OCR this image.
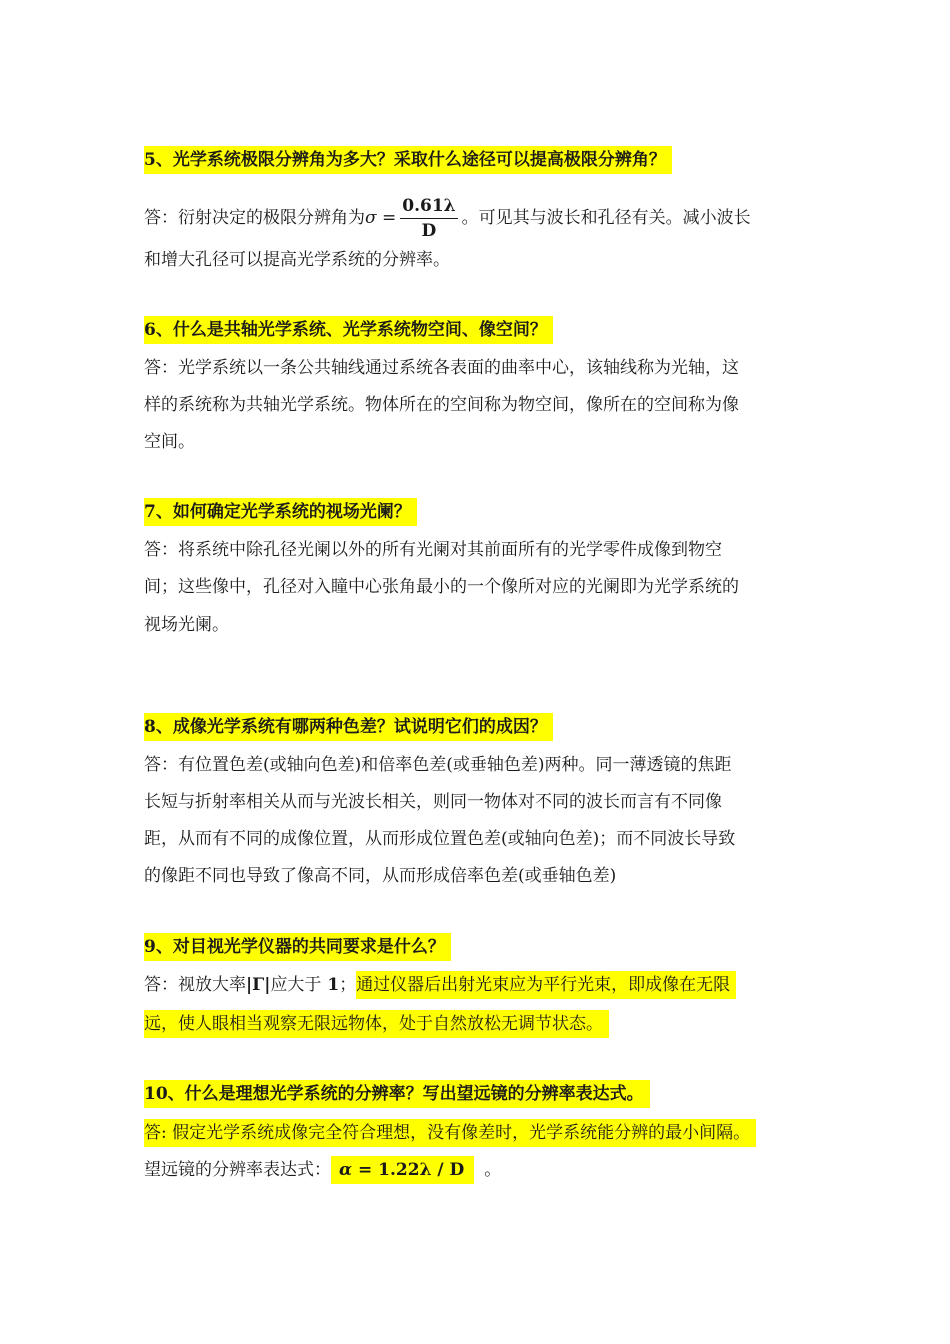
5、光学系统极限分辨角为多大？采取什么途径可以提高极限分辨角？
答：衍射决定的极限分辨角为$\sigma = \frac{0.61\lambda}{D}$ 。可见其与波长和孔径有关。减小波长
和增大孔径可以提高光学系统的分辨率。
6、什么是共轴光学系统、光学系统物空间、像空间？
答：光学系统以一条公共轴线通过系统各表面的曲率中心，该轴线称为光轴，这
样的系统称为共轴光学系统。物体所在的空间称为物空间，像所在的空间称为像
空间。
7、如何确定光学系统的视场光阑？
答：将系统中除孔径光阑以外的所有光阑对其前面所有的光学零件成像到物空
间；这些像中，孔径对入瞳中心张角最小的一个像所对应的光阑即为光学系统的
视场光阑。
8、成像光学系统有哪两种色差？试说明它们的成因？
答：有位置色差(或轴向色差)和倍率色差(或垂轴色差)两种。同一薄透镜的焦距
长短与折射率相关从而与光波长相关，则同一物体对不同的波长而言有不同像
距，从而有不同的成像位置，从而形成位置色差(或轴向色差)；而不同波长导致
的像距不同也导致了像高不同，从而形成倍率色差(或垂轴色差)
9、对目视光学仪器的共同要求是什么？
答：视放大率|Γ|应大于 1；通过仪器后出射光束应为平行光束，即成像在无限
远，使人眼相当观察无限远物体，处于自然放松无调节状态。
10、什么是理想光学系统的分辨率？写出望远镜的分辨率表达式。
答: 假定光学系统成像完全符合理想，没有像差时，光学系统能分辨的最小间隔。
望远镜的分辨率表达式： α = 1.22λ / D 。
